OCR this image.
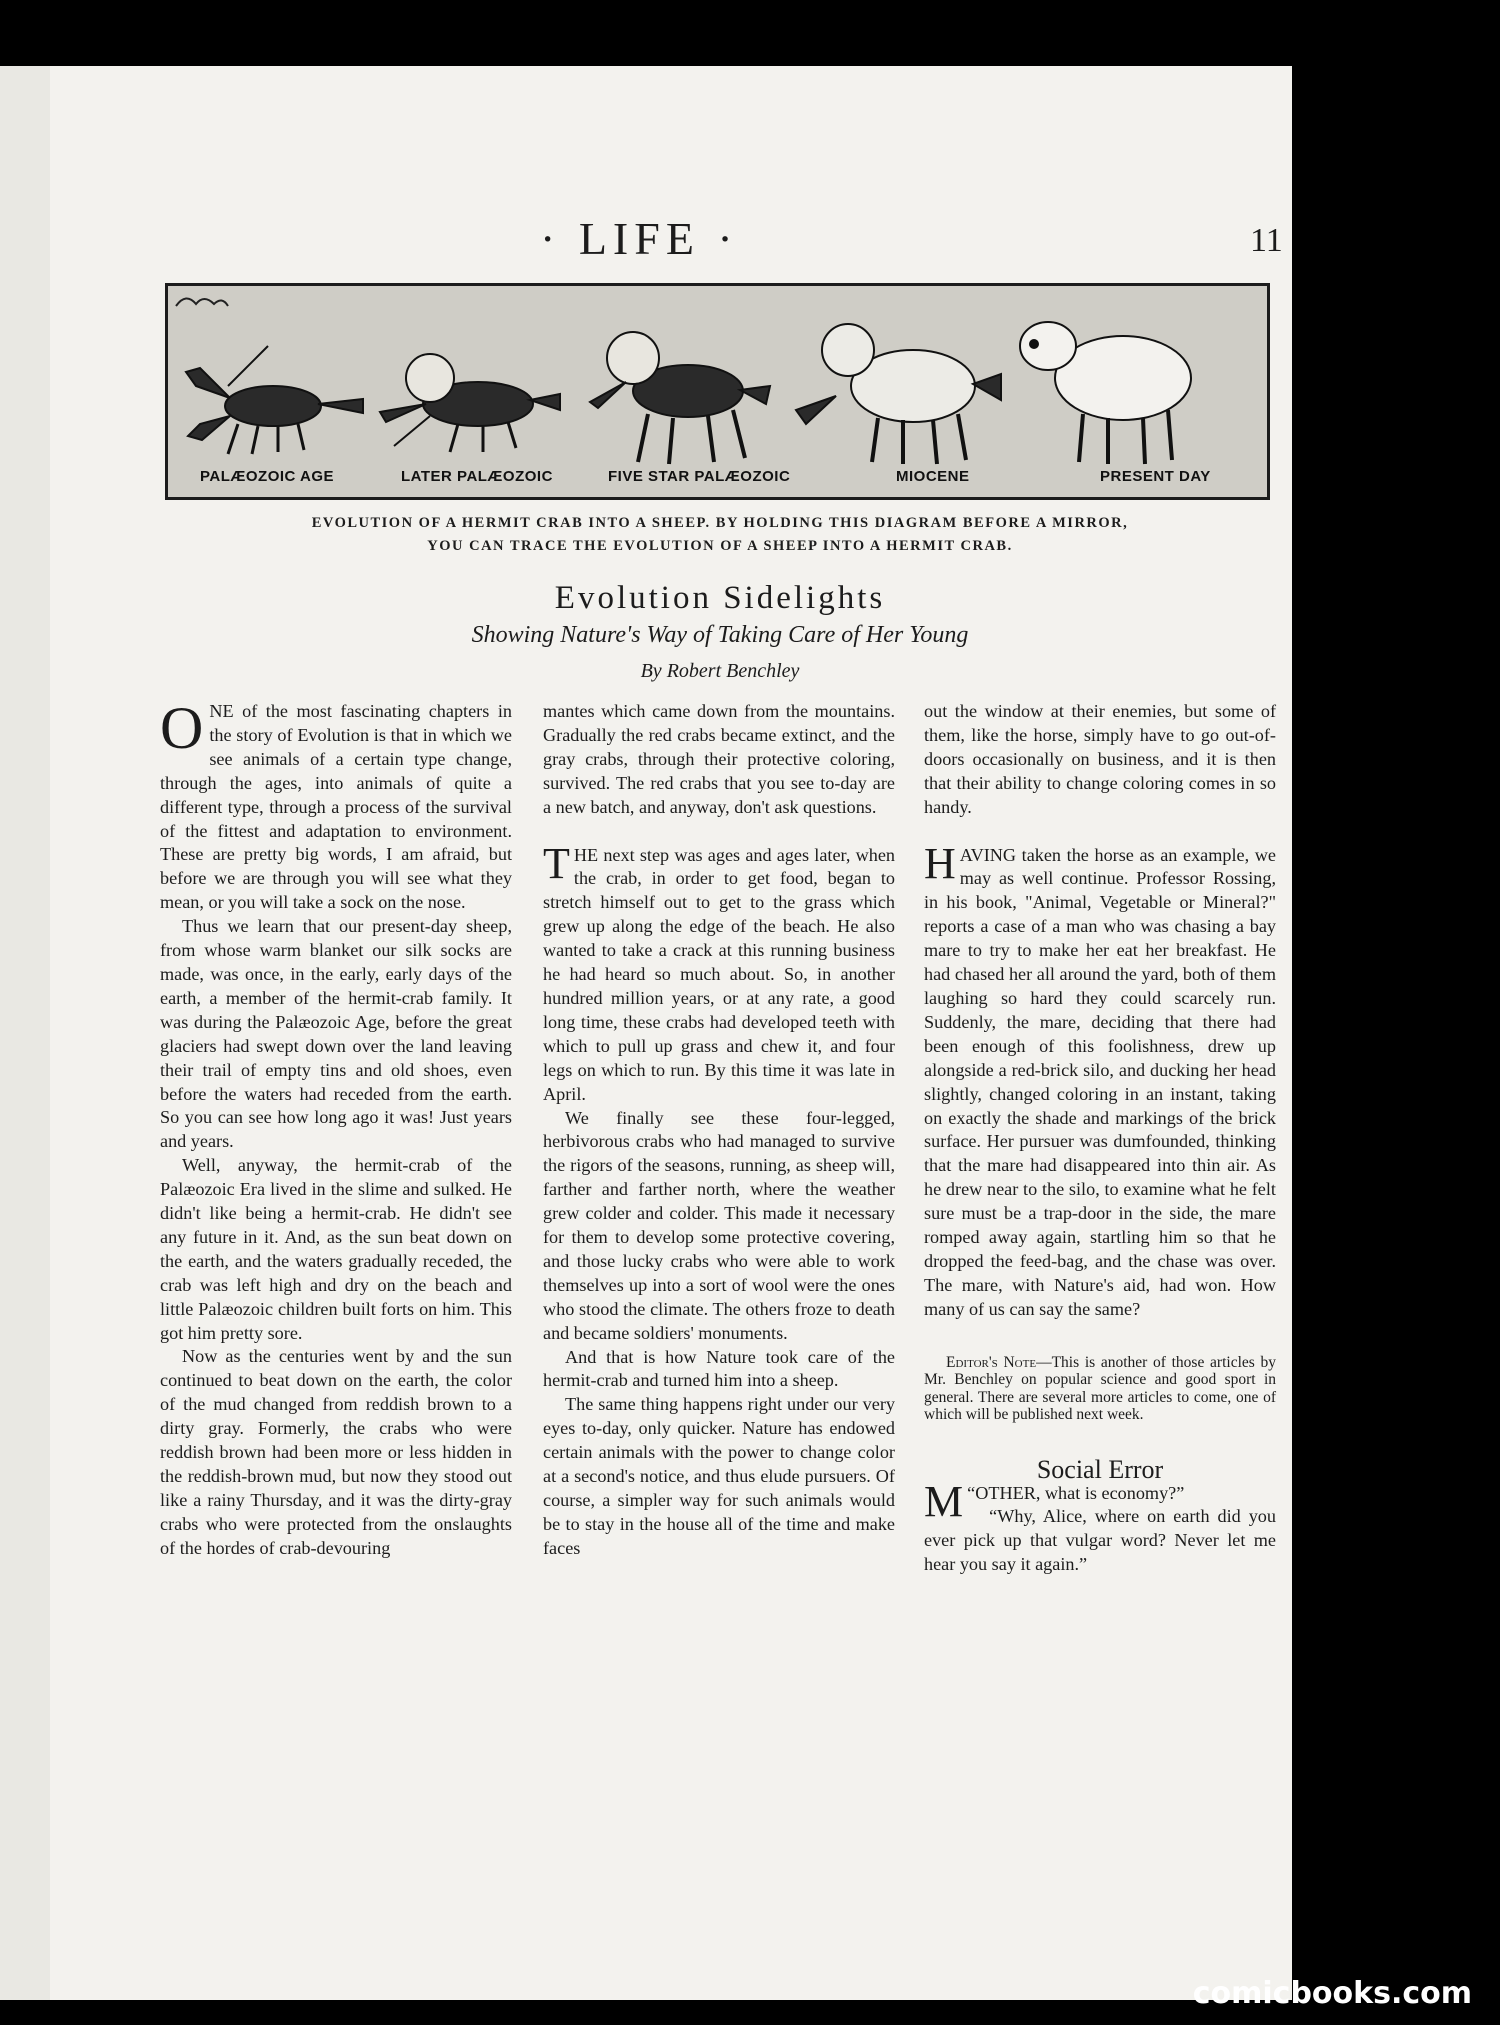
· LIFE ·	11
PALÆOZOIC AGE	LATER PALÆOZOIC	FIVE STAR PALÆOZOIC	MIOCENE	PRESENT DAY
EVOLUTION OF A HERMIT CRAB INTO A SHEEP. BY HOLDING THIS DIAGRAM BEFORE A MIRROR,
YOU CAN TRACE THE EVOLUTION OF A SHEEP INTO A HERMIT CRAB.
Evolution Sidelights
Showing Nature's Way of Taking Care of Her Young
By Robert Benchley

ONE of the most fascinating chapters in the story of Evolution is that in which we see animals of a certain type change, through the ages, into animals of quite a different type, through a process of the survival of the fittest and adaptation to environment. These are pretty big words, I am afraid, but before we are through you will see what they mean, or you will take a sock on the nose.

Thus we learn that our present-day sheep, from whose warm blanket our silk socks are made, was once, in the early, early days of the earth, a member of the hermit-crab family. It was during the Palæozoic Age, before the great glaciers had swept down over the land leaving their trail of empty tins and old shoes, even before the waters had receded from the earth. So you can see how long ago it was! Just years and years.

Well, anyway, the hermit-crab of the Palæozoic Era lived in the slime and sulked. He didn't like being a hermit-crab. He didn't see any future in it. And, as the sun beat down on the earth, and the waters gradually receded, the crab was left high and dry on the beach and little Palæozoic children built forts on him. This got him pretty sore.

Now as the centuries went by and the sun continued to beat down on the earth, the color of the mud changed from reddish brown to a dirty gray. Formerly, the crabs who were reddish brown had been more or less hidden in the reddish-brown mud, but now they stood out like a rainy Thursday, and it was the dirty-gray crabs who were protected from the onslaughts of the hordes of crab-devouring

mantes which came down from the mountains. Gradually the red crabs became extinct, and the gray crabs, through their protective coloring, survived. The red crabs that you see to-day are a new batch, and anyway, don't ask questions.

THE next step was ages and ages later, when the crab, in order to get food, began to stretch himself out to get to the grass which grew up along the edge of the beach. He also wanted to take a crack at this running business he had heard so much about. So, in another hundred million years, or at any rate, a good long time, these crabs had developed teeth with which to pull up grass and chew it, and four legs on which to run. By this time it was late in April.

We finally see these four-legged, herbivorous crabs who had managed to survive the rigors of the seasons, running, as sheep will, farther and farther north, where the weather grew colder and colder. This made it necessary for them to develop some protective covering, and those lucky crabs who were able to work themselves up into a sort of wool were the ones who stood the climate. The others froze to death and became soldiers' monuments.

And that is how Nature took care of the hermit-crab and turned him into a sheep.

The same thing happens right under our very eyes to-day, only quicker. Nature has endowed certain animals with the power to change color at a second's notice, and thus elude pursuers. Of course, a simpler way for such animals would be to stay in the house all of the time and make faces

out the window at their enemies, but some of them, like the horse, simply have to go out-of-doors occasionally on business, and it is then that their ability to change coloring comes in so handy.

HAVING taken the horse as an example, we may as well continue. Professor Rossing, in his book, "Animal, Vegetable or Mineral?" reports a case of a man who was chasing a bay mare to try to make her eat her breakfast. He had chased her all around the yard, both of them laughing so hard they could scarcely run. Suddenly, the mare, deciding that there had been enough of this foolishness, drew up alongside a red-brick silo, and ducking her head slightly, changed coloring in an instant, taking on exactly the shade and markings of the brick surface. Her pursuer was dumfounded, thinking that the mare had disappeared into thin air. As he drew near to the silo, to examine what he felt sure must be a trap-door in the side, the mare romped away again, startling him so that he dropped the feed-bag, and the chase was over. The mare, with Nature's aid, had won. How many of us can say the same?

Editor's Note—This is another of those articles by Mr. Benchley on popular science and good sport in general. There are several more articles to come, one of which will be published next week.

Social Error

“
M OTHER, what is economy?”

“Why, Alice, where on earth did you ever pick up that vulgar word? Never let me hear you say it again.”

comicbooks.com
